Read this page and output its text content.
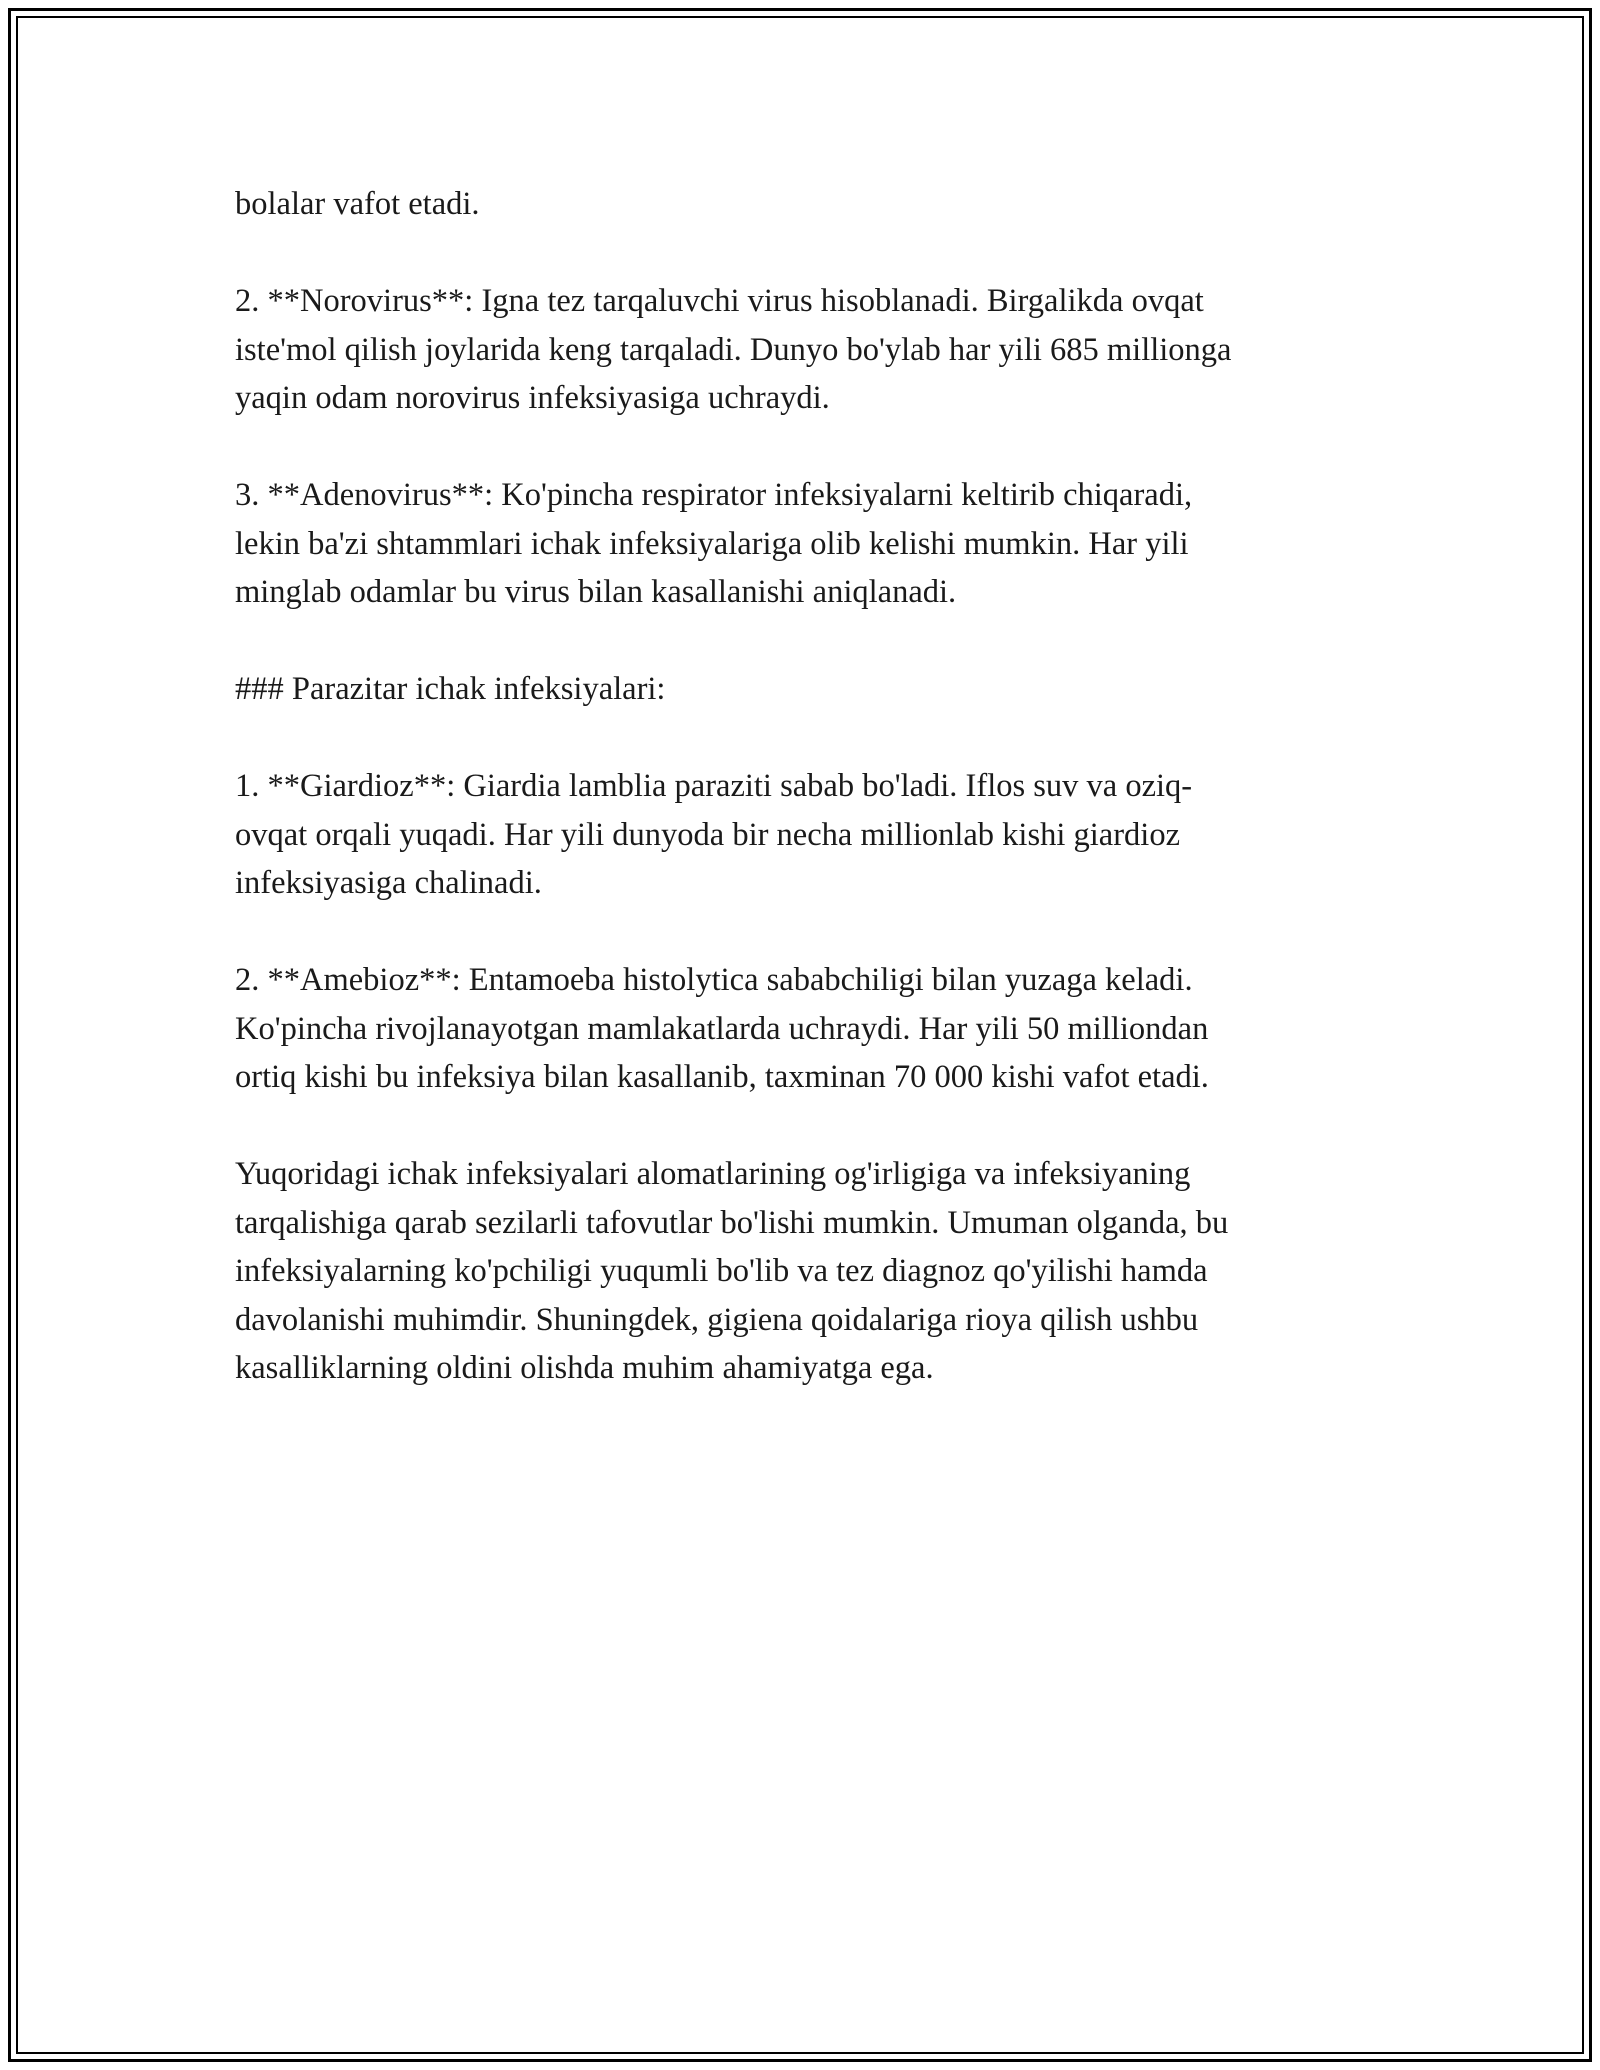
bolalar vafot etadi.

2. **Norovirus**: Igna tez tarqaluvchi virus hisoblanadi. Birgalikda ovqat
iste'mol qilish joylarida keng tarqaladi. Dunyo bo'ylab har yili 685 millionga
yaqin odam norovirus infeksiyasiga uchraydi.

3. **Adenovirus**: Ko'pincha respirator infeksiyalarni keltirib chiqaradi,
lekin ba'zi shtammlari ichak infeksiyalariga olib kelishi mumkin. Har yili
minglab odamlar bu virus bilan kasallanishi aniqlanadi.

### Parazitar ichak infeksiyalari:

1. **Giardioz**: Giardia lamblia paraziti sabab bo'ladi. Iflos suv va oziq-
ovqat orqali yuqadi. Har yili dunyoda bir necha millionlab kishi giardioz
infeksiyasiga chalinadi.

2. **Amebioz**: Entamoeba histolytica sababchiligi bilan yuzaga keladi.
Ko'pincha rivojlanayotgan mamlakatlarda uchraydi. Har yili 50 milliondan
ortiq kishi bu infeksiya bilan kasallanib, taxminan 70 000 kishi vafot etadi.

Yuqoridagi ichak infeksiyalari alomatlarining og'irligiga va infeksiyaning
tarqalishiga qarab sezilarli tafovutlar bo'lishi mumkin. Umuman olganda, bu
infeksiyalarning ko'pchiligi yuqumli bo'lib va tez diagnoz qo'yilishi hamda
davolanishi muhimdir. Shuningdek, gigiena qoidalariga rioya qilish ushbu
kasalliklarning oldini olishda muhim ahamiyatga ega.
